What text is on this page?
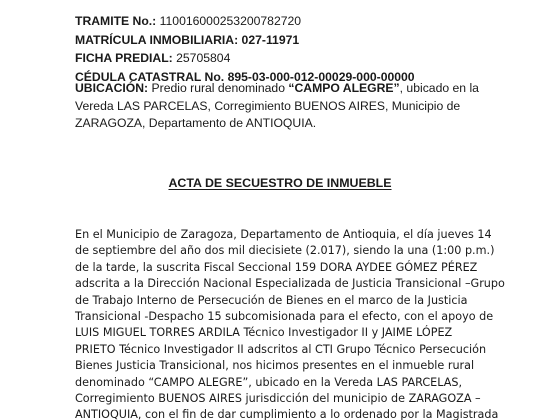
TRAMITE No.: 11001600025320078272​0
MATRÍCULA INMOBILIARIA: 027-11971
FICHA PREDIAL: 25705804
CÉDULA CATASTRAL No. 895-03-000-012-00029-000-00000
UBICACIÓN: Predio rural denominado “CAMPO ALEGRE”, ubicado en la
Vereda LAS PARCELAS, Corregimiento BUENOS AIRES, Municipio de
ZARAGOZA, Departamento de ANTIOQUIA.
ACTA DE SECUESTRO DE INMUEBLE
En el Municipio de Zaragoza, Departamento de Antioquia, el día jueves 14
de septiembre del año dos mil diecisiete (2.017), siendo la una (1:00 p.m.)
de la tarde, la suscrita Fiscal Seccional 159 DORA AYDEE GÓMEZ PÉREZ
adscrita a la Dirección Nacional Especializada de Justicia Transicional –Grupo
de Trabajo Interno de Persecución de Bienes en el marco de la Justicia
Transicional -Despacho 15 subcomisionada para el efecto, con el apoyo de
LUIS MIGUEL TORRES ARDILA Técnico Investigador II y JAIME LÓPEZ
PRIETO Técnico Investigador II adscritos al CTI Grupo Técnico Persecución
Bienes Justicia Transicional, nos hicimos presentes en el inmueble rural
denominado “CAMPO ALEGRE”, ubicado en la Vereda LAS PARCELAS,
Corregimiento BUENOS AIRES jurisdicción del municipio de ZARAGOZA –
ANTIOQUIA, con el fin de dar cumplimiento a lo ordenado por la Magistrada
